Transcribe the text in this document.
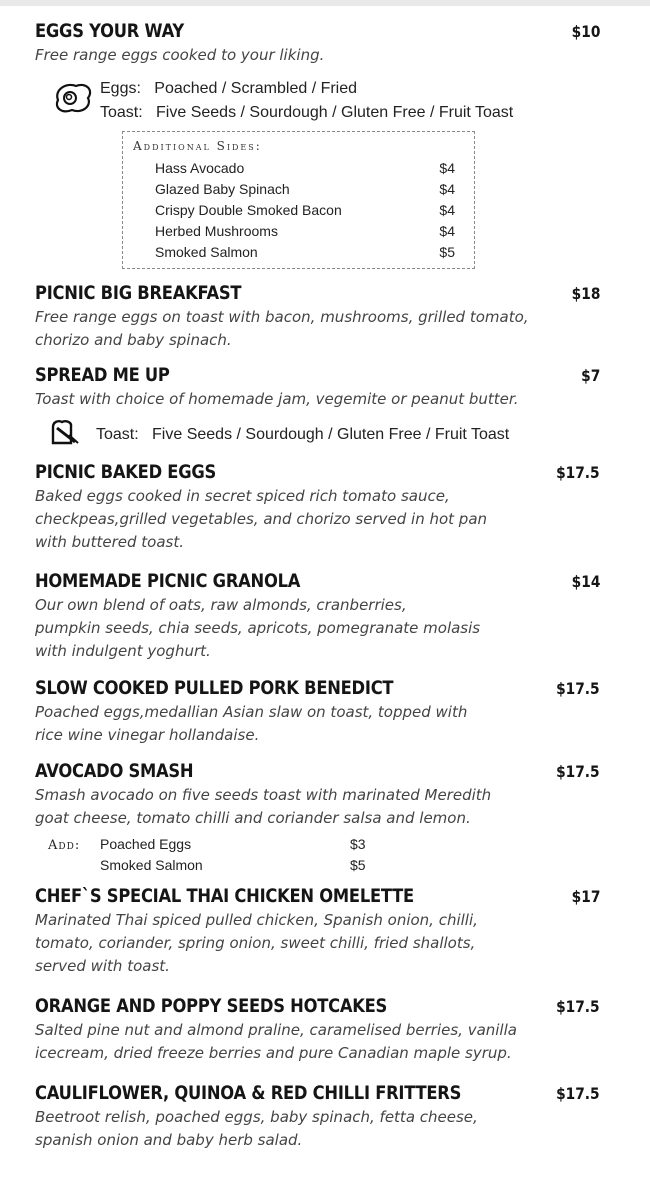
EGGS YOUR WAY	$10
Free range eggs cooked to your liking.
Eggs: Poached / Scrambled / Fried
Toast: Five Seeds / Sourdough / Gluten Free / Fruit Toast
Additional Sides:
Hass Avocado	$4
Glazed Baby Spinach	$4
Crispy Double Smoked Bacon	$4
Herbed Mushrooms	$4
Smoked Salmon	$5
PICNIC BIG BREAKFAST	$18
Free range eggs on toast with bacon, mushrooms, grilled tomato,
chorizo and baby spinach.
SPREAD ME UP	$7
Toast with choice of homemade jam, vegemite or peanut butter.
Toast: Five Seeds / Sourdough / Gluten Free / Fruit Toast
PICNIC BAKED EGGS	$17.5
Baked eggs cooked in secret spiced rich tomato sauce,
checkpeas,grilled vegetables, and chorizo served in hot pan
with buttered toast.
HOMEMADE PICNIC GRANOLA	$14
Our own blend of oats, raw almonds, cranberries,
pumpkin seeds, chia seeds, apricots, pomegranate molasis
with indulgent yoghurt.
SLOW COOKED PULLED PORK BENEDICT	$17.5
Poached eggs,medallian Asian slaw on toast, topped with
rice wine vinegar hollandaise.
AVOCADO SMASH	$17.5
Smash avocado on five seeds toast with marinated Meredith
goat cheese, tomato chilli and coriander salsa and lemon.
Add: Poached Eggs	$3
Smoked Salmon	$5
CHEF`S SPECIAL THAI CHICKEN OMELETTE	$17
Marinated Thai spiced pulled chicken, Spanish onion, chilli,
tomato, coriander, spring onion, sweet chilli, fried shallots,
served with toast.
ORANGE AND POPPY SEEDS HOTCAKES	$17.5
Salted pine nut and almond praline, caramelised berries, vanilla
icecream, dried freeze berries and pure Canadian maple syrup.
CAULIFLOWER, QUINOA & RED CHILLI FRITTERS	$17.5
Beetroot relish, poached eggs, baby spinach, fetta cheese,
spanish onion and baby herb salad.
